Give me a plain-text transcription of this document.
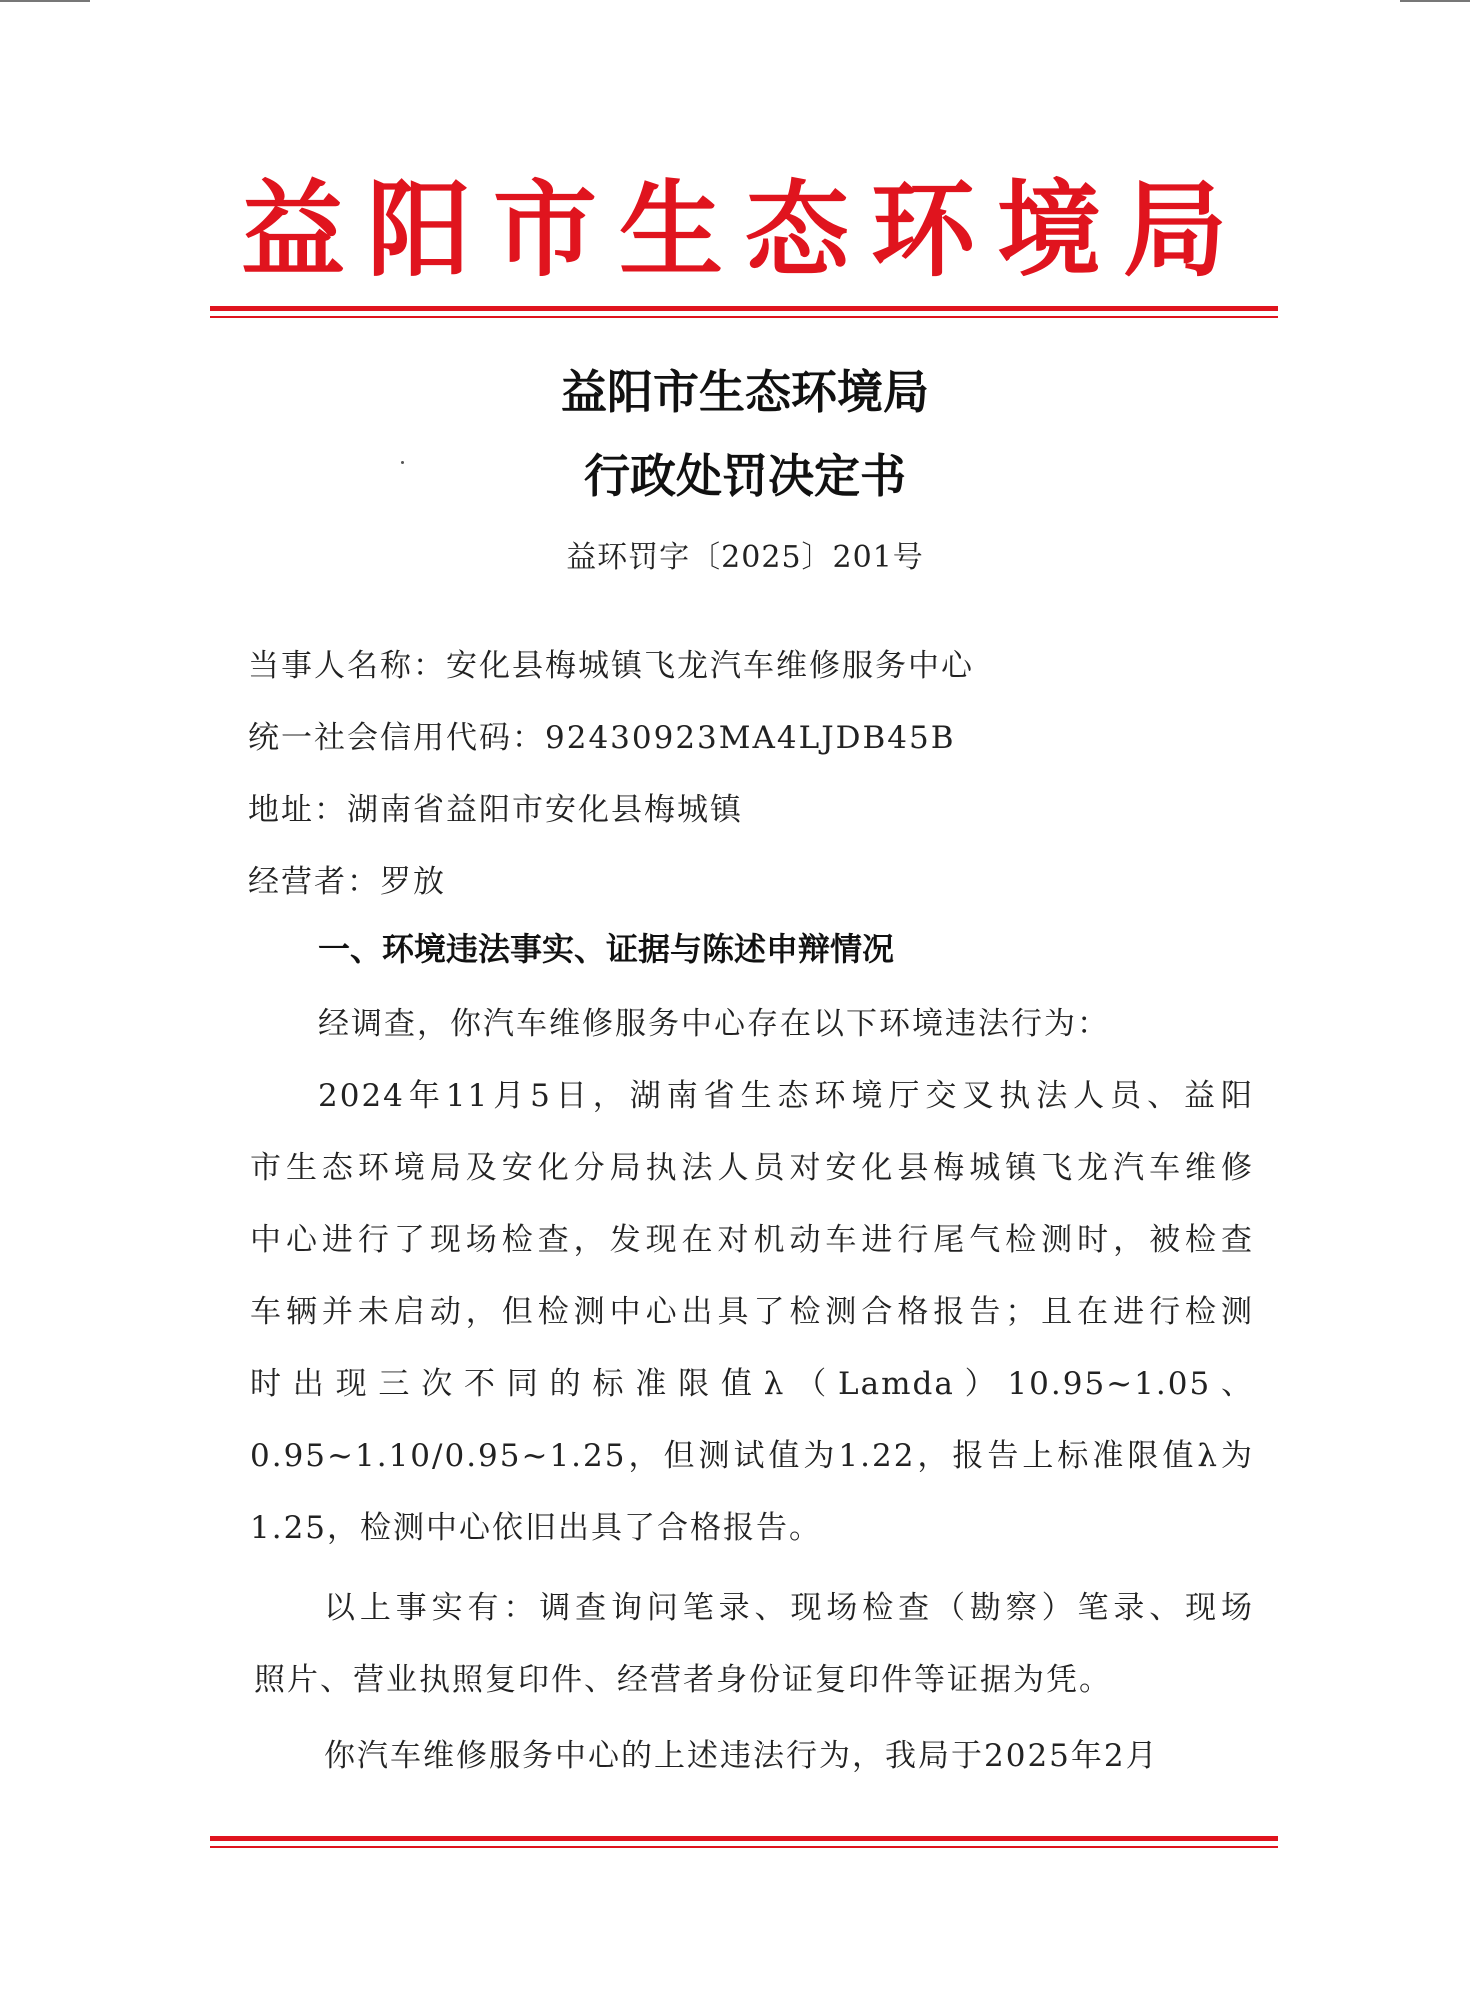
益阳市生态环境局
益阳市生态环境局
行政处罚决定书
益环罚字〔2025〕201号
当事人名称：安化县梅城镇飞龙汽车维修服务中心
统一社会信用代码：92430923MA4LJDB45B
地址：湖南省益阳市安化县梅城镇
经营者：罗放
一、环境违法事实、证据与陈述申辩情况
经调查，你汽车维修服务中心存在以下环境违法行为：
2024年11月5日，湖南省生态环境厅交叉执法人员、益阳
市生态环境局及安化分局执法人员对安化县梅城镇飞龙汽车维修
中心进行了现场检查，发现在对机动车进行尾气检测时，被检查
车辆并未启动，但检测中心出具了检测合格报告；且在进行检测
时出现三次不同的标准限值λ（Lamda）10.95~1.05、
0.95~1.10/0.95~1.25，但测试值为1.22，报告上标准限值λ为
1.25，检测中心依旧出具了合格报告。
以上事实有：调查询问笔录、现场检查（勘察）笔录、现场
照片、营业执照复印件、经营者身份证复印件等证据为凭。
你汽车维修服务中心的上述违法行为，我局于2025年2月
